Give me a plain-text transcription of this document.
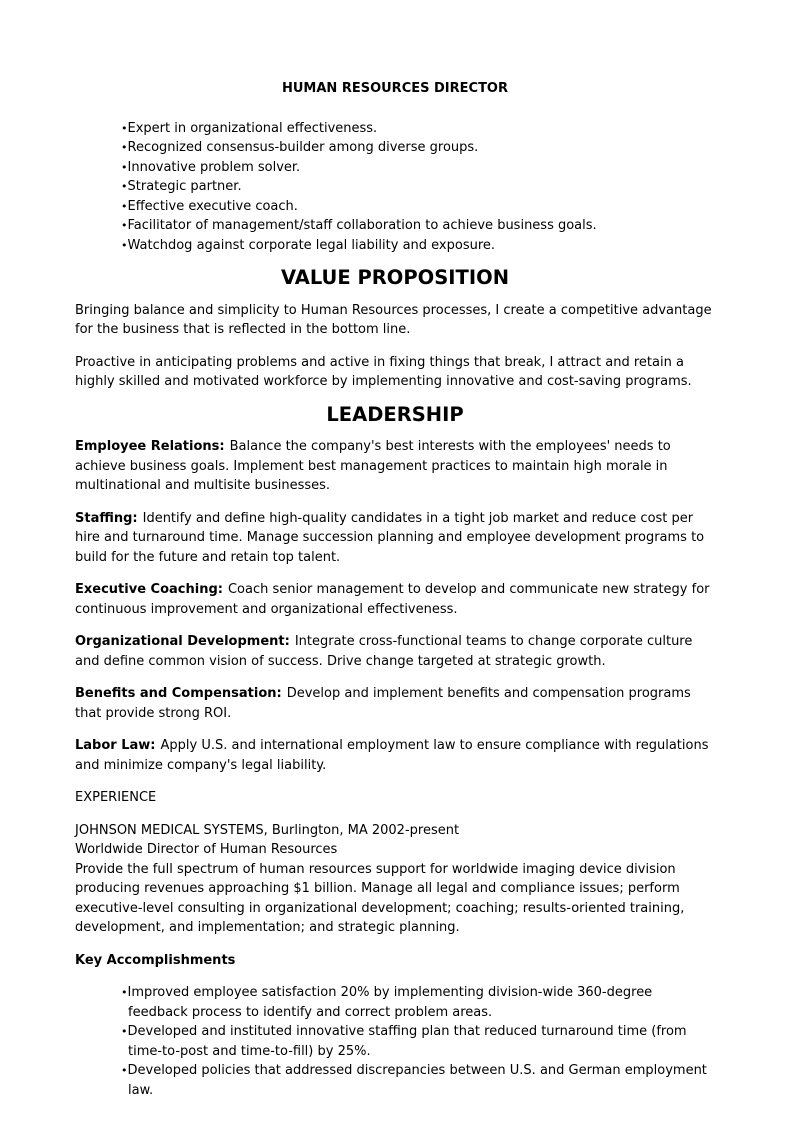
HUMAN RESOURCES DIRECTOR
•Expert in organizational effectiveness.
•Recognized consensus-builder among diverse groups.
•Innovative problem solver.
•Strategic partner.
•Effective executive coach.
•Facilitator of management/staff collaboration to achieve business goals.
•Watchdog against corporate legal liability and exposure.
VALUE PROPOSITION

Bringing balance and simplicity to Human Resources processes, I create a competitive advantage for the business that is reflected in the bottom line.

Proactive in anticipating problems and active in fixing things that break, I attract and retain a highly skilled and motivated workforce by implementing innovative and cost-saving programs.

LEADERSHIP

Employee Relations: Balance the company's best interests with the employees' needs to achieve business goals. Implement best management practices to maintain high morale in multinational and multisite businesses.

Staffing: Identify and define high-quality candidates in a tight job market and reduce cost per hire and turnaround time. Manage succession planning and employee development programs to build for the future and retain top talent.

Executive Coaching: Coach senior management to develop and communicate new strategy for continuous improvement and organizational effectiveness.

Organizational Development: Integrate cross-functional teams to change corporate culture and define common vision of success. Drive change targeted at strategic growth.

Benefits and Compensation: Develop and implement benefits and compensation programs that provide strong ROI.

Labor Law: Apply U.S. and international employment law to ensure compliance with regulations and minimize company's legal liability.

EXPERIENCE

JOHNSON MEDICAL SYSTEMS, Burlington, MA 2002-present
Worldwide Director of Human Resources
Provide the full spectrum of human resources support for worldwide imaging device division producing revenues approaching $1 billion. Manage all legal and compliance issues; perform executive-level consulting in organizational development; coaching; results-oriented training, development, and implementation; and strategic planning.

Key Accomplishments

•Improved employee satisfaction 20% by implementing division-wide 360-degree feedback process to identify and correct problem areas.
•Developed and instituted innovative staffing plan that reduced turnaround time (from time-to-post and time-to-fill) by 25%.
•Developed policies that addressed discrepancies between U.S. and German employment law.
